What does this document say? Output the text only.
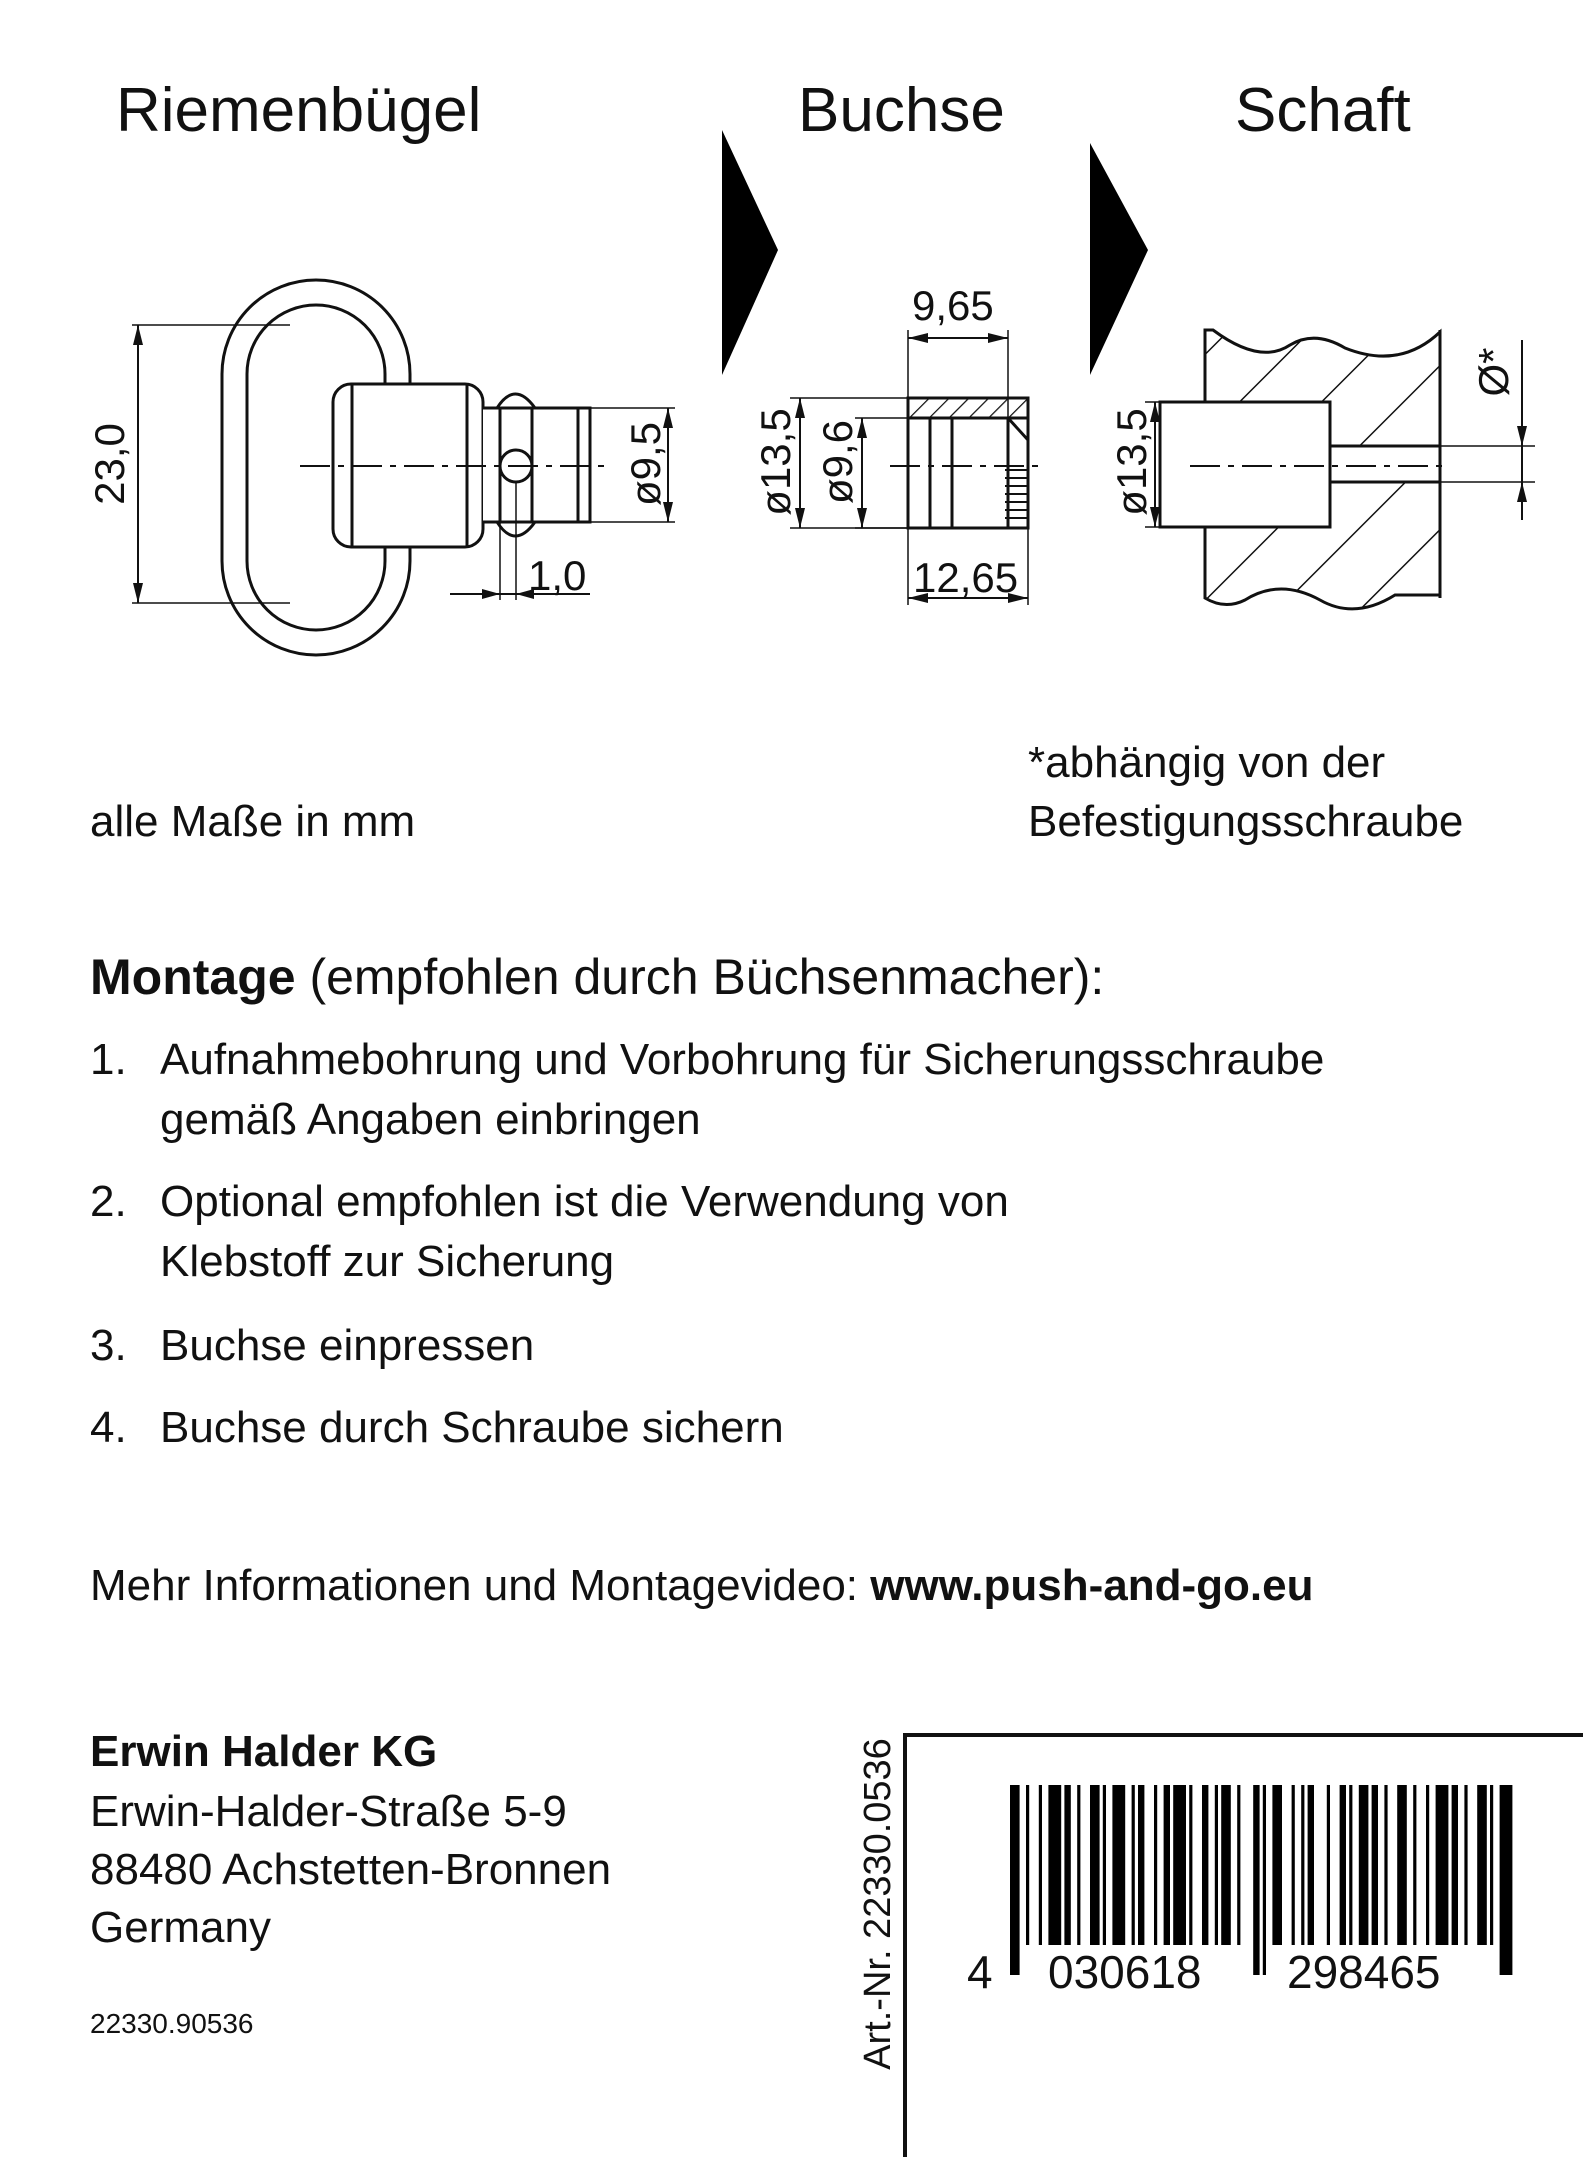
Riemenbügel	Buchse	Schaft
23,0	ø9,5
1,0
9,65
ø13,5 ø9,6
12,65
ø13,5
Ø*
alle Maße in mm
*abhängig von der
Befestigungsschraube
Montage (empfohlen durch Büchsenmacher):
1. Aufnahmebohrung und Vorbohrung für Sicherungsschraube
gemäß Angaben einbringen
2. Optional empfohlen ist die Verwendung von
Klebstoff zur Sicherung
3. Buchse einpressen
4. Buchse durch Schraube sichern
Mehr Informationen und Montagevideo: www.push-and-go.eu
Erwin Halder KG
Erwin-Halder-Straße 5-9
88480 Achstetten-Bronnen
Germany
22330.90536	Art.-Nr. 22330.0536 4 030618 298465
